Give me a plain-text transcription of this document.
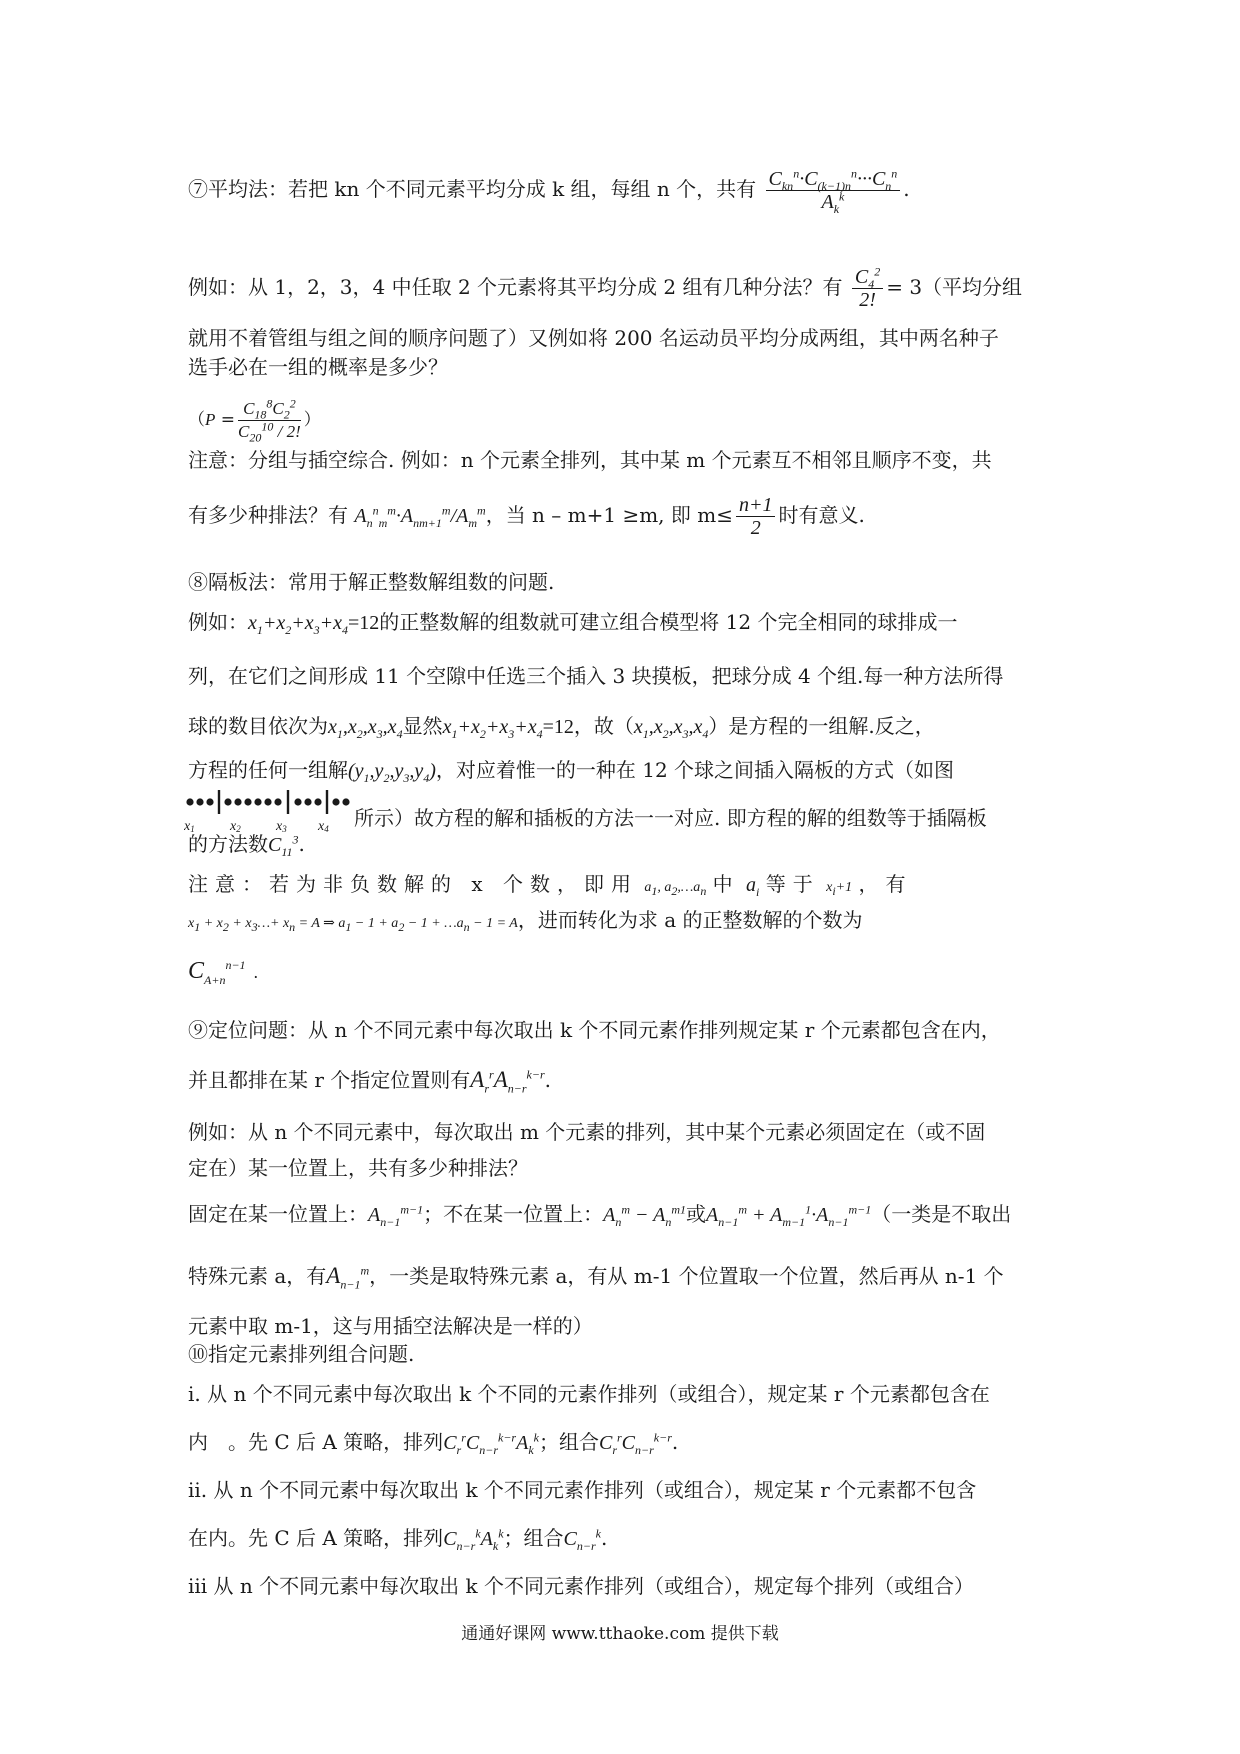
⑦平均法：若把 kn 个不同元素平均分成 k 组，每组 n 个，共有 $\frac{C_{kn}^n\cdot C_{(k-1)n}^n\cdot\cdot\cdot C_n^n}{A_k^k}$ .
例如：从 1，2，3，4 中任取 2 个元素将其平均分成 2 组有几种分法？有 $\frac{C_4^2}{2!} = 3$（平均分组
就用不着管组与组之间的顺序问题了）又例如将 200 名运动员平均分成两组，其中两名种子
选手必在一组的概率是多少？
（$P = \frac{C_{18}^8C_2^2}{C_{20}^{10} / 2!}$ ）
注意：分组与插空综合. 例如：n 个元素全排列，其中某 m 个元素互不相邻且顺序不变，共
有多少种排法？有 $A_n^n_m^m\cdot A_{nm+1}^m/A_m^m$，当 n – m+1 ≥m, 即 $m\le \frac{n+1}{2}$ 时有意义.
⑧隔板法：常用于解正整数解组数的问题.
例如：$x_1+x_2+x_3+x_4=12$的正整数解的组数就可建立组合模型将 12 个完全相同的球排成一
列，在它们之间形成 11 个空隙中任选三个插入 3 块摸板，把球分成 4 个组.每一种方法所得
球的数目依次为$x_1,x_2,x_3,x_4$显然$x_1+x_2+x_3+x_4=12$，故$(x_1,x_2,x_3,x_4)$是方程的一组解.反之，
方程的任何一组解$(y_1,y_2,y_3,y_4)$，对应着惟一的一种在 12 个球之间插入隔板的方式（如图
x1	x2	x3 x4 所示）故方程的解和插板的方法一一对应. 即方程的解的组数等于插隔板
的方法数$C_{11}^3$.
注意：若为非负数解的 x 个数，即用 $a_1$, $a_2,\dots a_n$ 中 $a_i$ 等于 $x_i+1$ ，有
$x_1 + x_2$ + $x_3\dots+ x_n = A$ ⇒ $a_1 - 1 + a_2 - 1$ + $\dots a_n - 1 = A$，进而转化为求 a 的正整数解的个数为
$C_{A+n}^{n-1}$ .
⑨定位问题：从 n 个不同元素中每次取出 k 个不同元素作排列规定某 r 个元素都包含在内，
并且都排在某 r 个指定位置则有$A_r^rA_{n-r}^{k-r}$.
例如：从 n 个不同元素中，每次取出 m 个元素的排列，其中某个元素必须固定在（或不固
定在）某一位置上，共有多少种排法？
固定在某一位置上：$A_{n-1}^{m-1}$；不在某一位置上：$A_n^m - A_n^{m1}$或$A_{n-1}^m + A_{m-1}^1\cdot A_{n-1}^{m-1}$（一类是不取出
特殊元素 a，有$A_{n-1}^m$，一类是取特殊元素 a，有从 m-1 个位置取一个位置，然后再从 n-1 个
元素中取 m-1，这与用插空法解决是一样的）
⑩指定元素排列组合问题.
i. 从 n 个不同元素中每次取出 k 个不同的元素作排列（或组合），规定某 r 个元素都包含在
内　。先 C 后 A 策略，排列$C_r^rC_{n-r}^{k-r}A_k^k$；组合$C_r^rC_{n-r}^{k-r}$.
ii. 从 n 个不同元素中每次取出 k 个不同元素作排列（或组合），规定某 r 个元素都不包含
在内。先 C 后 A 策略，排列$C_{n-r}^kA_k^k$；组合$C_{n-r}^k$.
iii 从 n 个不同元素中每次取出 k 个不同元素作排列（或组合），规定每个排列（或组合）
通通好课网 www.tthaoke.com 提供下载
